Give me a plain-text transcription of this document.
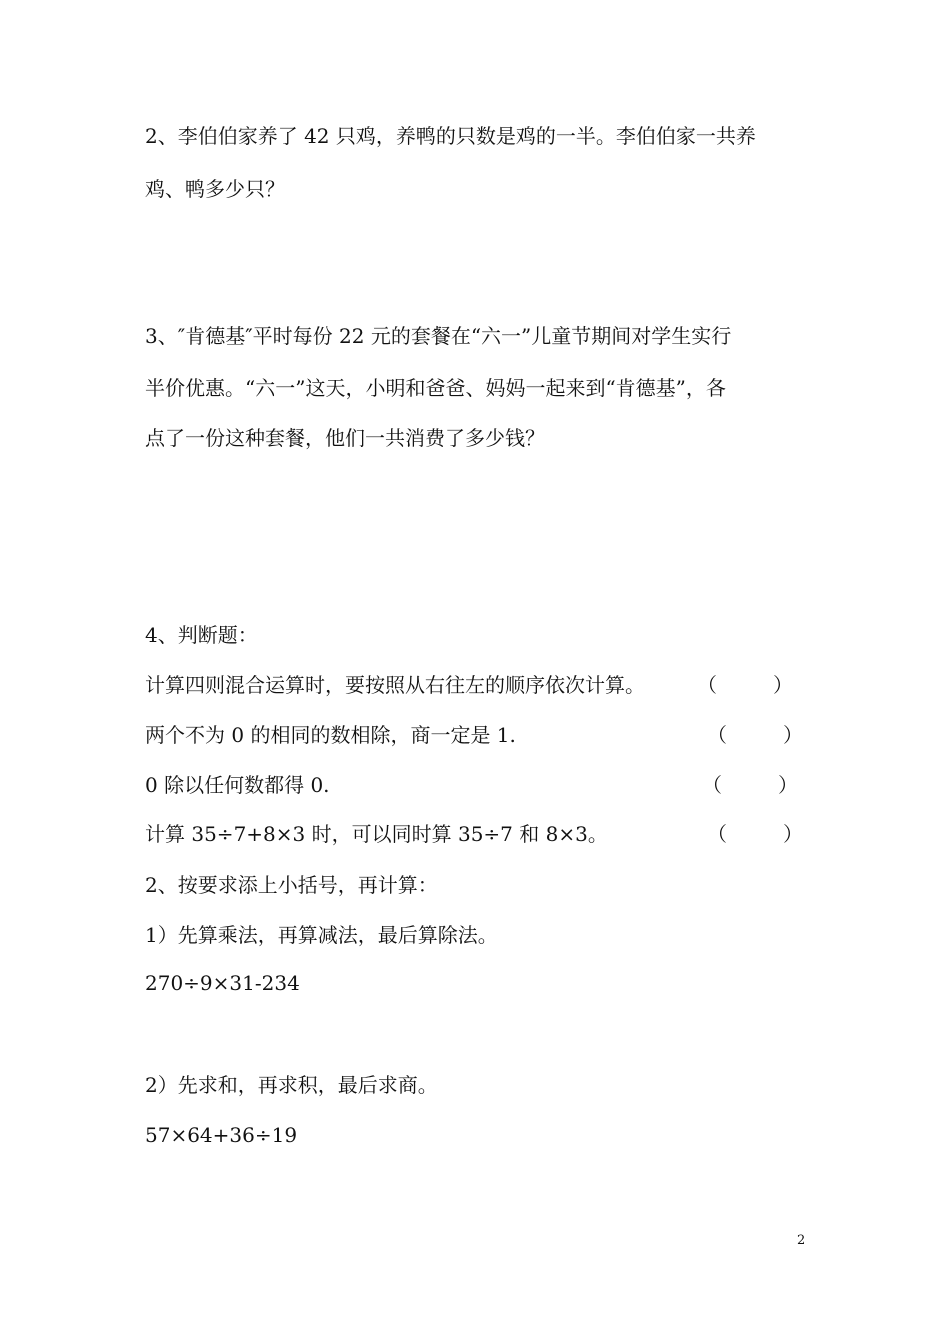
2、李伯伯家养了 42 只鸡，养鸭的只数是鸡的一半。李伯伯家一共养
鸡、鸭多少只？
3、″肯德基″平时每份 22 元的套餐在“六一”儿童节期间对学生实行
半价优惠。“六一”这天，小明和爸爸、妈妈一起来到“肯德基”，各
点了一份这种套餐，他们一共消费了多少钱？
4、判断题：
计算四则混合运算时，要按照从右往左的顺序依次计算。	（	）
两个不为 0 的相同的数相除，商一定是 1.	（	）
0 除以任何数都得 0.	（	）
计算 35÷7+8×3 时，可以同时算 35÷7 和 8×3。	（	）
2、按要求添上小括号，再计算：
1）先算乘法，再算减法，最后算除法。
270÷9×31-234
2）先求和，再求积，最后求商。
57×64+36÷19
2
